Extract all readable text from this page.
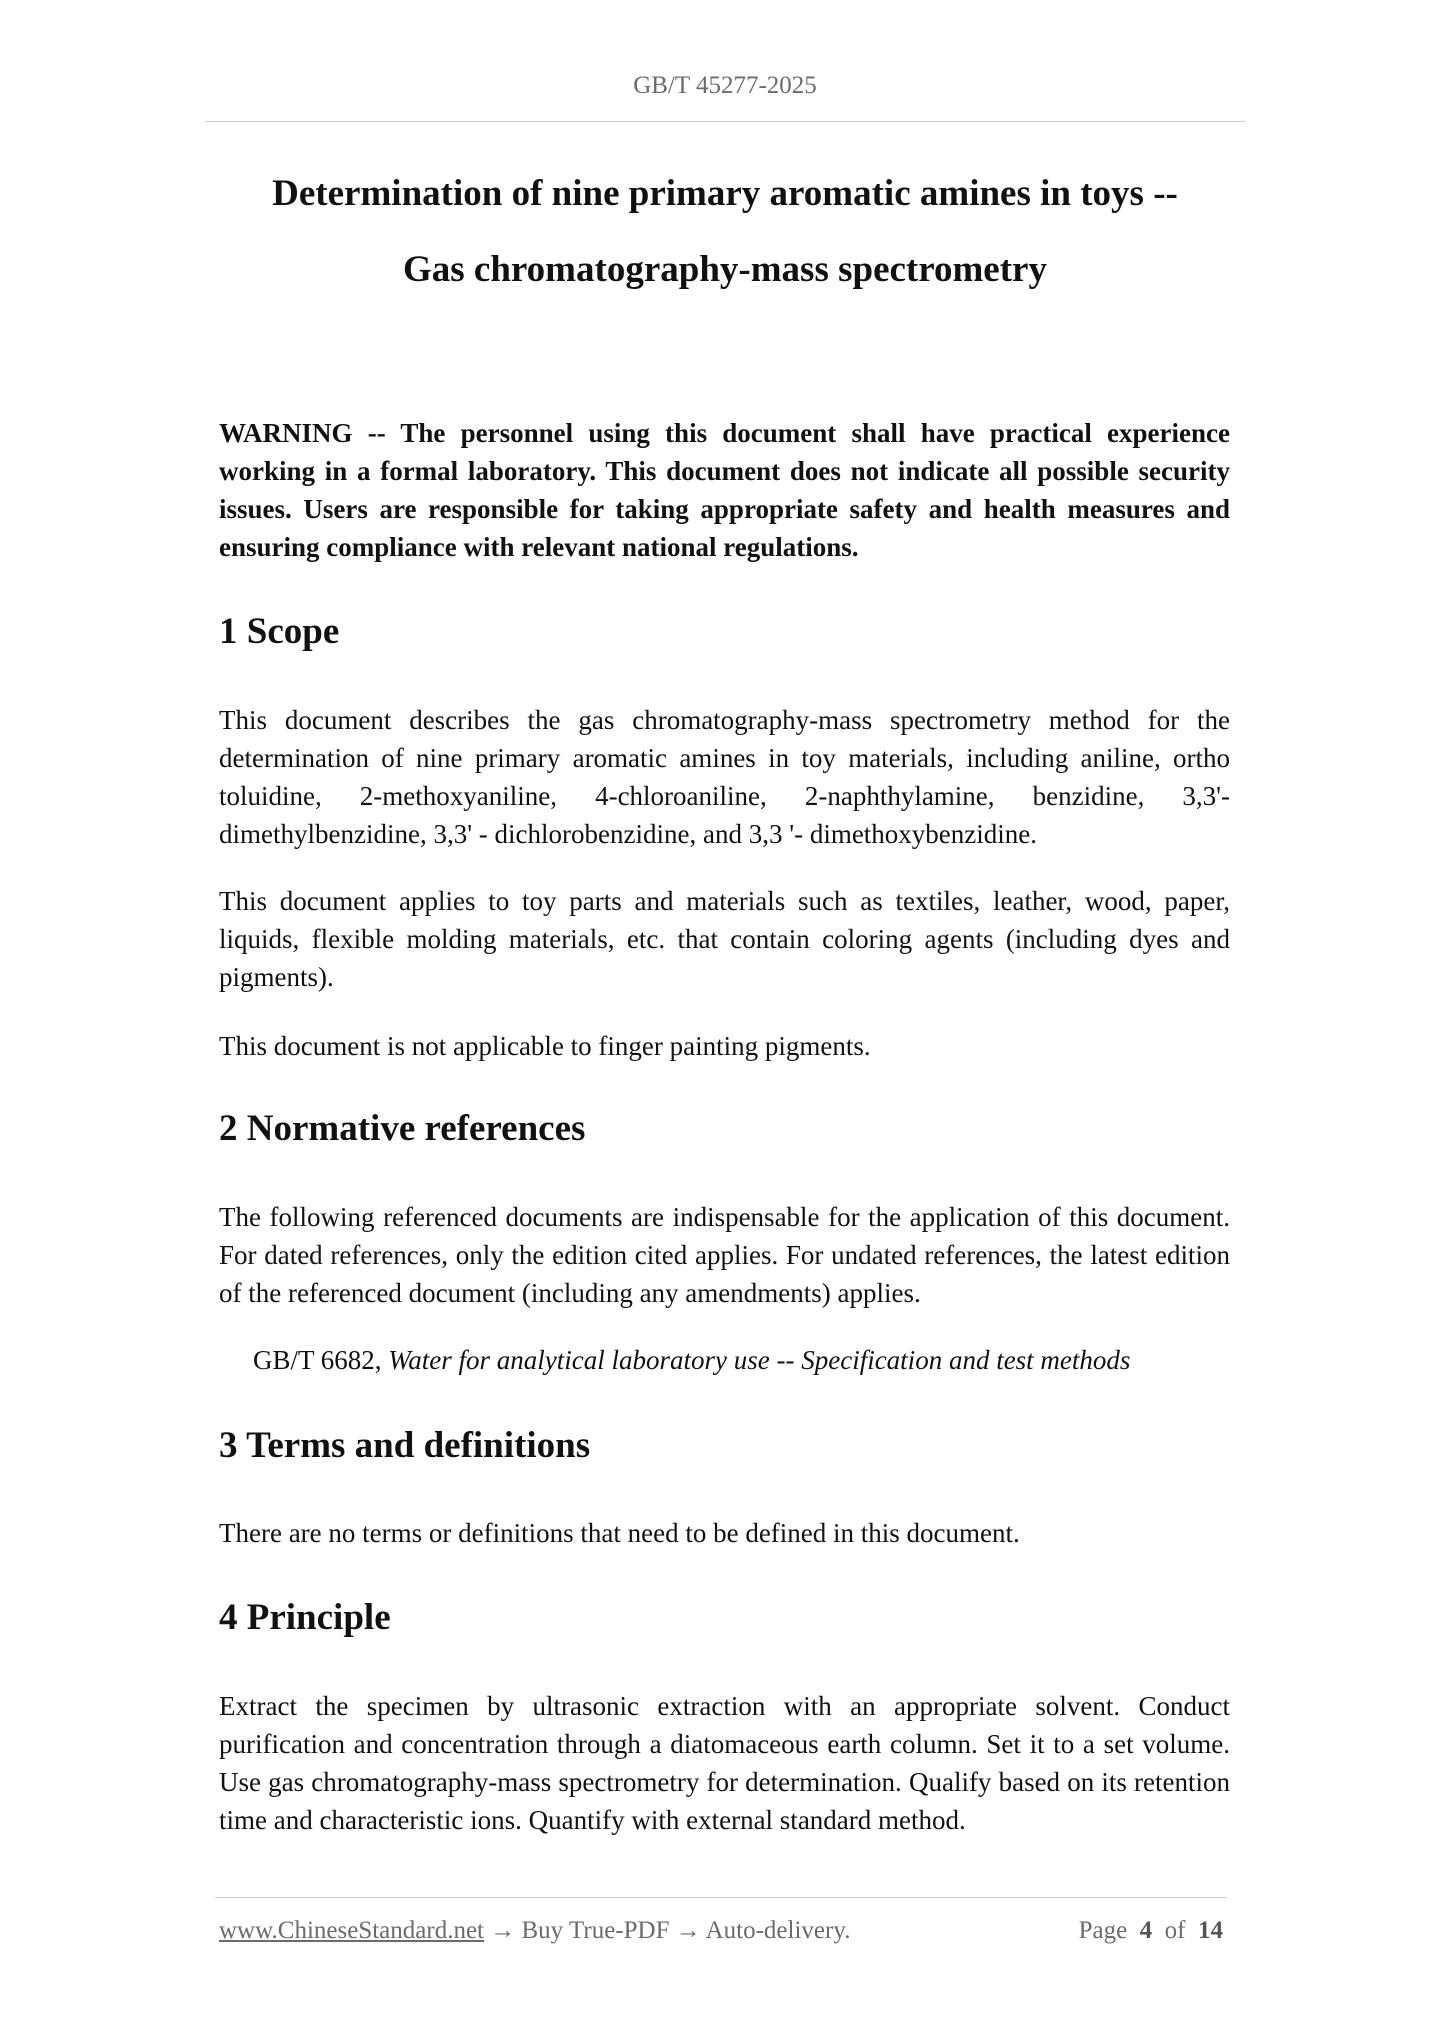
GB/T 45277-2025
Determination of nine primary aromatic amines in toys --
Gas chromatography-mass spectrometry
WARNING -- The personnel using this document shall have practical experience working in a formal laboratory. This document does not indicate all possible security issues. Users are responsible for taking appropriate safety and health measures and ensuring compliance with relevant national regulations.
1 Scope

This document describes the gas chromatography-mass spectrometry method for the determination of nine primary aromatic amines in toy materials, including aniline, ortho toluidine, 2-methoxyaniline, 4-chloroaniline, 2-naphthylamine, benzidine, 3,3'-dimethylbenzidine, 3,3' - dichlorobenzidine, and 3,3 '- dimethoxybenzidine.

This document applies to toy parts and materials such as textiles, leather, wood, paper, liquids, flexible molding materials, etc. that contain coloring agents (including dyes and pigments).

This document is not applicable to finger painting pigments.

2 Normative references

The following referenced documents are indispensable for the application of this document. For dated references, only the edition cited applies. For undated references, the latest edition of the referenced document (including any amendments) applies.

GB/T 6682, Water for analytical laboratory use -- Specification and test methods
3 Terms and definitions

There are no terms or definitions that need to be defined in this document.

4 Principle

Extract the specimen by ultrasonic extraction with an appropriate solvent. Conduct purification and concentration through a diatomaceous earth column. Set it to a set volume. Use gas chromatography-mass spectrometry for determination. Qualify based on its retention time and characteristic ions. Quantify with external standard method.

www.ChineseStandard.net → Buy True-PDF → Auto-delivery.	Page 4 of 14
